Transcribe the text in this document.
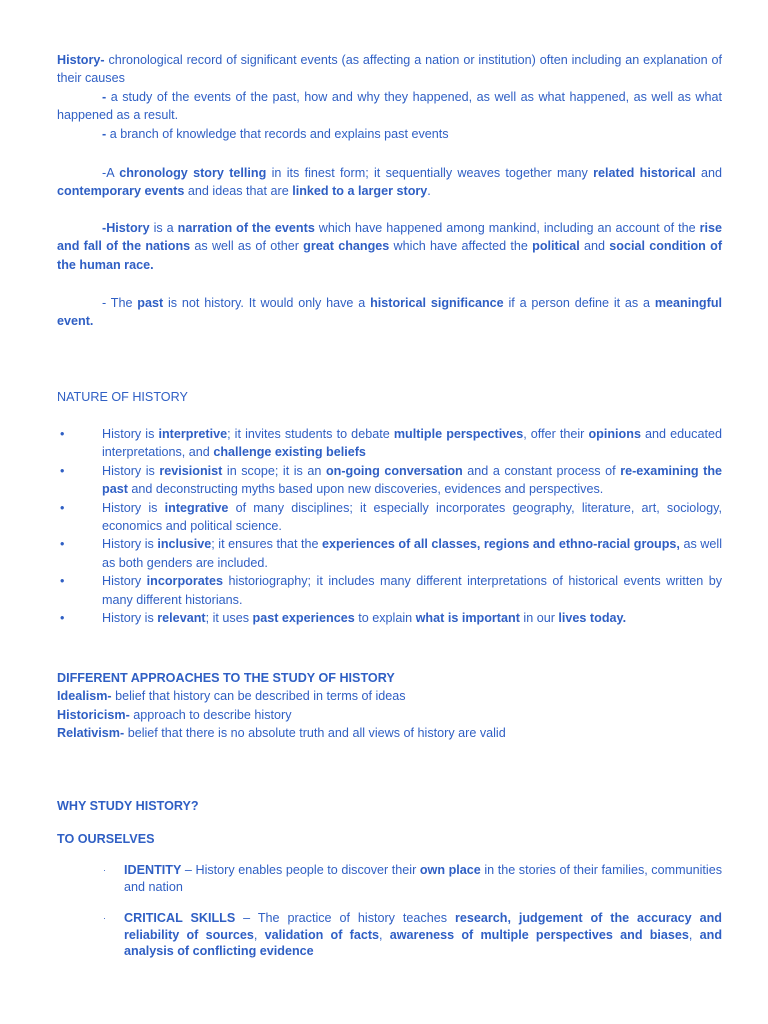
History- chronological record of significant events (as affecting a nation or institution) often including an explanation of their causes
- a study of the events of the past, how and why they happened, as well as what happened, as well as what happened as a result.
- a branch of knowledge that records and explains past events

-A chronology story telling in its finest form; it sequentially weaves together many related historical and contemporary events and ideas that are linked to a larger story.

-History is a narration of the events which have happened among mankind, including an account of the rise and fall of the nations as well as of other great changes which have affected the political and social condition of the human race.

- The past is not history. It would only have a historical significance if a person define it as a meaningful event.

NATURE OF HISTORY
•	History is interpretive; it invites students to debate multiple perspectives, offer their opinions and educated interpretations, and challenge existing beliefs
•	History is revisionist in scope; it is an on-going conversation and a constant process of re-examining the past and deconstructing myths based upon new discoveries, evidences and perspectives.
•	History is integrative of many disciplines; it especially incorporates geography, literature, art, sociology, economics and political science.
•	History is inclusive; it ensures that the experiences of all classes, regions and ethno-racial groups, as well as both genders are included.
•	History incorporates historiography; it includes many different interpretations of historical events written by many different historians.
•	History is relevant; it uses past experiences to explain what is important in our lives today.
DIFFERENT APPROACHES TO THE STUDY OF HISTORY
Idealism- belief that history can be described in terms of ideas
Historicism- approach to describe history
Relativism- belief that there is no absolute truth and all views of history are valid
WHY STUDY HISTORY?
TO OURSELVES
· IDENTITY – History enables people to discover their own place in the stories of their families, communities and nation
· CRITICAL SKILLS – The practice of history teaches research, judgement of the accuracy and reliability of sources, validation of facts, awareness of multiple perspectives and biases, and analysis of conflicting evidence
